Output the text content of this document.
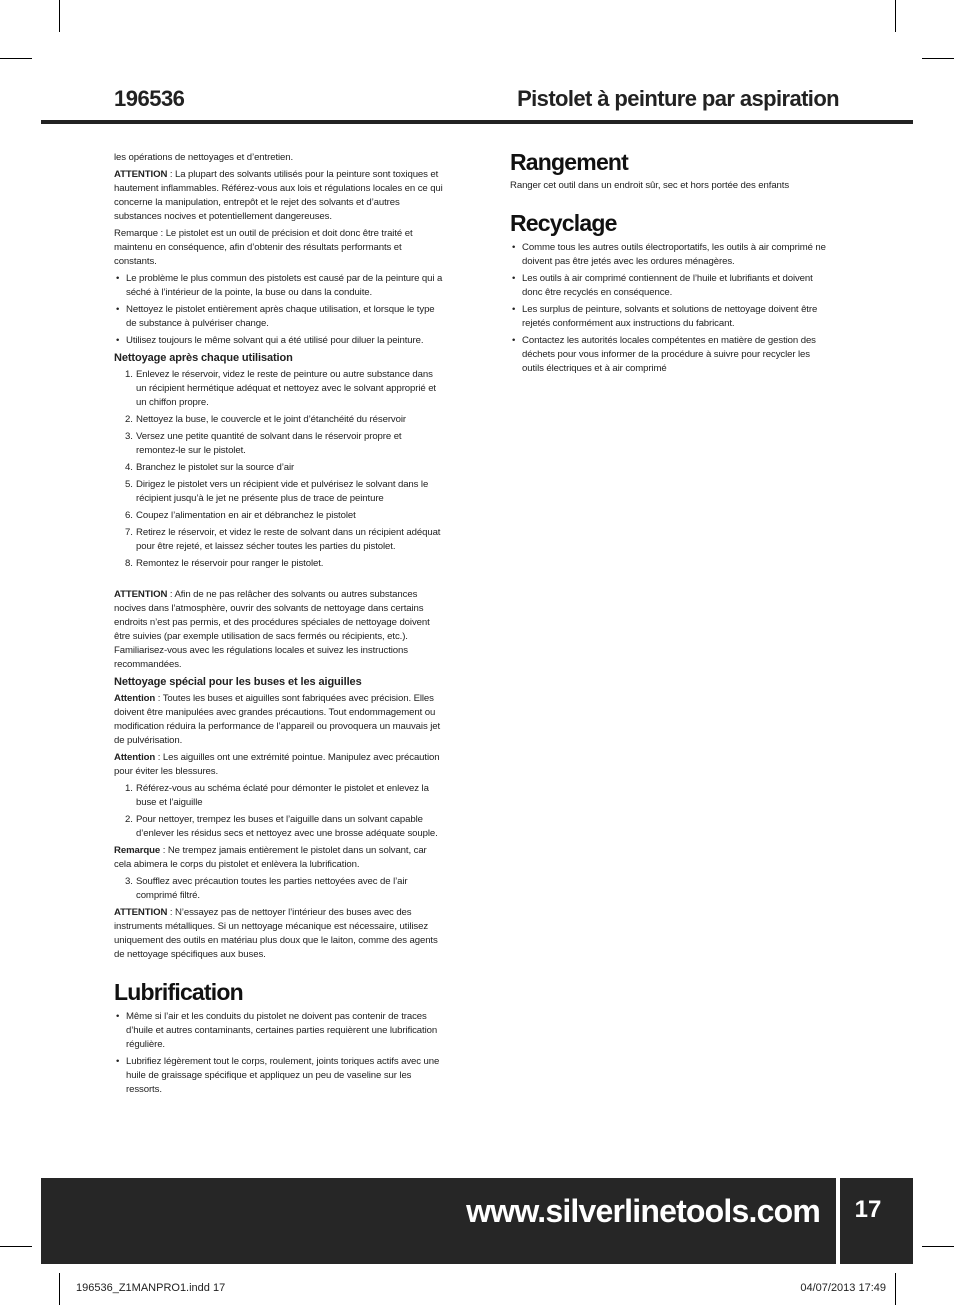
196536	Pistolet à peinture par aspiration

les opérations de nettoyages et d’entretien.

ATTENTION : La plupart des solvants utilisés pour la peinture sont toxiques et hautement inflammables. Référez-vous aux lois et régulations locales en ce qui concerne la manipulation, entrepôt et le rejet des solvants et d’autres substances nocives et potentiellement dangereuses.

Remarque : Le pistolet est un outil de précision et doit donc être traité et maintenu en conséquence, afin d’obtenir des résultats performants et constants.

• Le problème le plus commun des pistolets est causé par de la peinture qui a séché à l’intérieur de la pointe, la buse ou dans la conduite.
• Nettoyez le pistolet entièrement après chaque utilisation, et lorsque le type de substance à pulvériser change.
• Utilisez toujours le même solvant qui a été utilisé pour diluer la peinture.
Nettoyage après chaque utilisation
1. Enlevez le réservoir, videz le reste de peinture ou autre substance dans un récipient hermétique adéquat et nettoyez avec le solvant approprié et un chiffon propre.
2. Nettoyez la buse, le couvercle et le joint d’étanchéité du réservoir
3. Versez une petite quantité de solvant dans le réservoir propre et remontez-le sur le pistolet.
4. Branchez le pistolet sur la source d’air
5. Dirigez le pistolet vers un récipient vide et pulvérisez le solvant dans le récipient jusqu’à le jet ne présente plus de trace de peinture
6. Coupez l’alimentation en air et débranchez le pistolet
7. Retirez le réservoir, et videz le reste de solvant dans un récipient adéquat pour être rejeté, et laissez sécher toutes les parties du pistolet.
8. Remontez le réservoir pour ranger le pistolet.

ATTENTION : Afin de ne pas relâcher des solvants ou autres substances nocives dans l’atmosphère, ouvrir des solvants de nettoyage dans certains endroits n’est pas permis, et des procédures spéciales de nettoyage doivent être suivies (par exemple utilisation de sacs fermés ou récipients, etc.). Familiarisez-vous avec les régulations locales et suivez les instructions recommandées.

Nettoyage spécial pour les buses et les aiguilles

Attention : Toutes les buses et aiguilles sont fabriquées avec précision. Elles doivent être manipulées avec grandes précautions. Tout endommagement ou modification réduira la performance de l’appareil ou provoquera un mauvais jet de pulvérisation.

Attention : Les aiguilles ont une extrémité pointue. Manipulez avec précaution pour éviter les blessures.

1. Référez-vous au schéma éclaté pour démonter le pistolet et enlevez la buse et l’aiguille
2. Pour nettoyer, trempez les buses et l’aiguille dans un solvant capable d’enlever les résidus secs et nettoyez avec une brosse adéquate souple.

Remarque : Ne trempez jamais entièrement le pistolet dans un solvant, car cela abimera le corps du pistolet et enlèvera la lubrification.

3. Soufflez avec précaution toutes les parties nettoyées avec de l’air comprimé filtré.

ATTENTION : N’essayez pas de nettoyer l’intérieur des buses avec des instruments métalliques. Si un nettoyage mécanique est nécessaire, utilisez uniquement des outils en matériau plus doux que le laiton, comme des agents de nettoyage spécifiques aux buses.

Lubrification
• Même si l’air et les conduits du pistolet ne doivent pas contenir de traces d’huile et autres contaminants, certaines parties requièrent une lubrification régulière.
• Lubrifiez légèrement tout le corps, roulement, joints toriques actifs avec une huile de graissage spécifique et appliquez un peu de vaseline sur les ressorts.
Rangement

Ranger cet outil dans un endroit sûr, sec et hors portée des enfants

Recyclage
• Comme tous les autres outils électroportatifs, les outils à air comprimé ne doivent pas être jetés avec les ordures ménagères.
• Les outils à air comprimé contiennent de l’huile et lubrifiants et doivent donc être recyclés en conséquence.
• Les surplus de peinture, solvants et solutions de nettoyage doivent être rejetés conformément aux instructions du fabricant.
• Contactez les autorités locales compétentes en matière de gestion des déchets pour vous informer de la procédure à suivre pour recycler les outils électriques et à air comprimé
www.silverlinetools.com	17
196536_Z1MANPRO1.indd 17	04/07/2013 17:49
